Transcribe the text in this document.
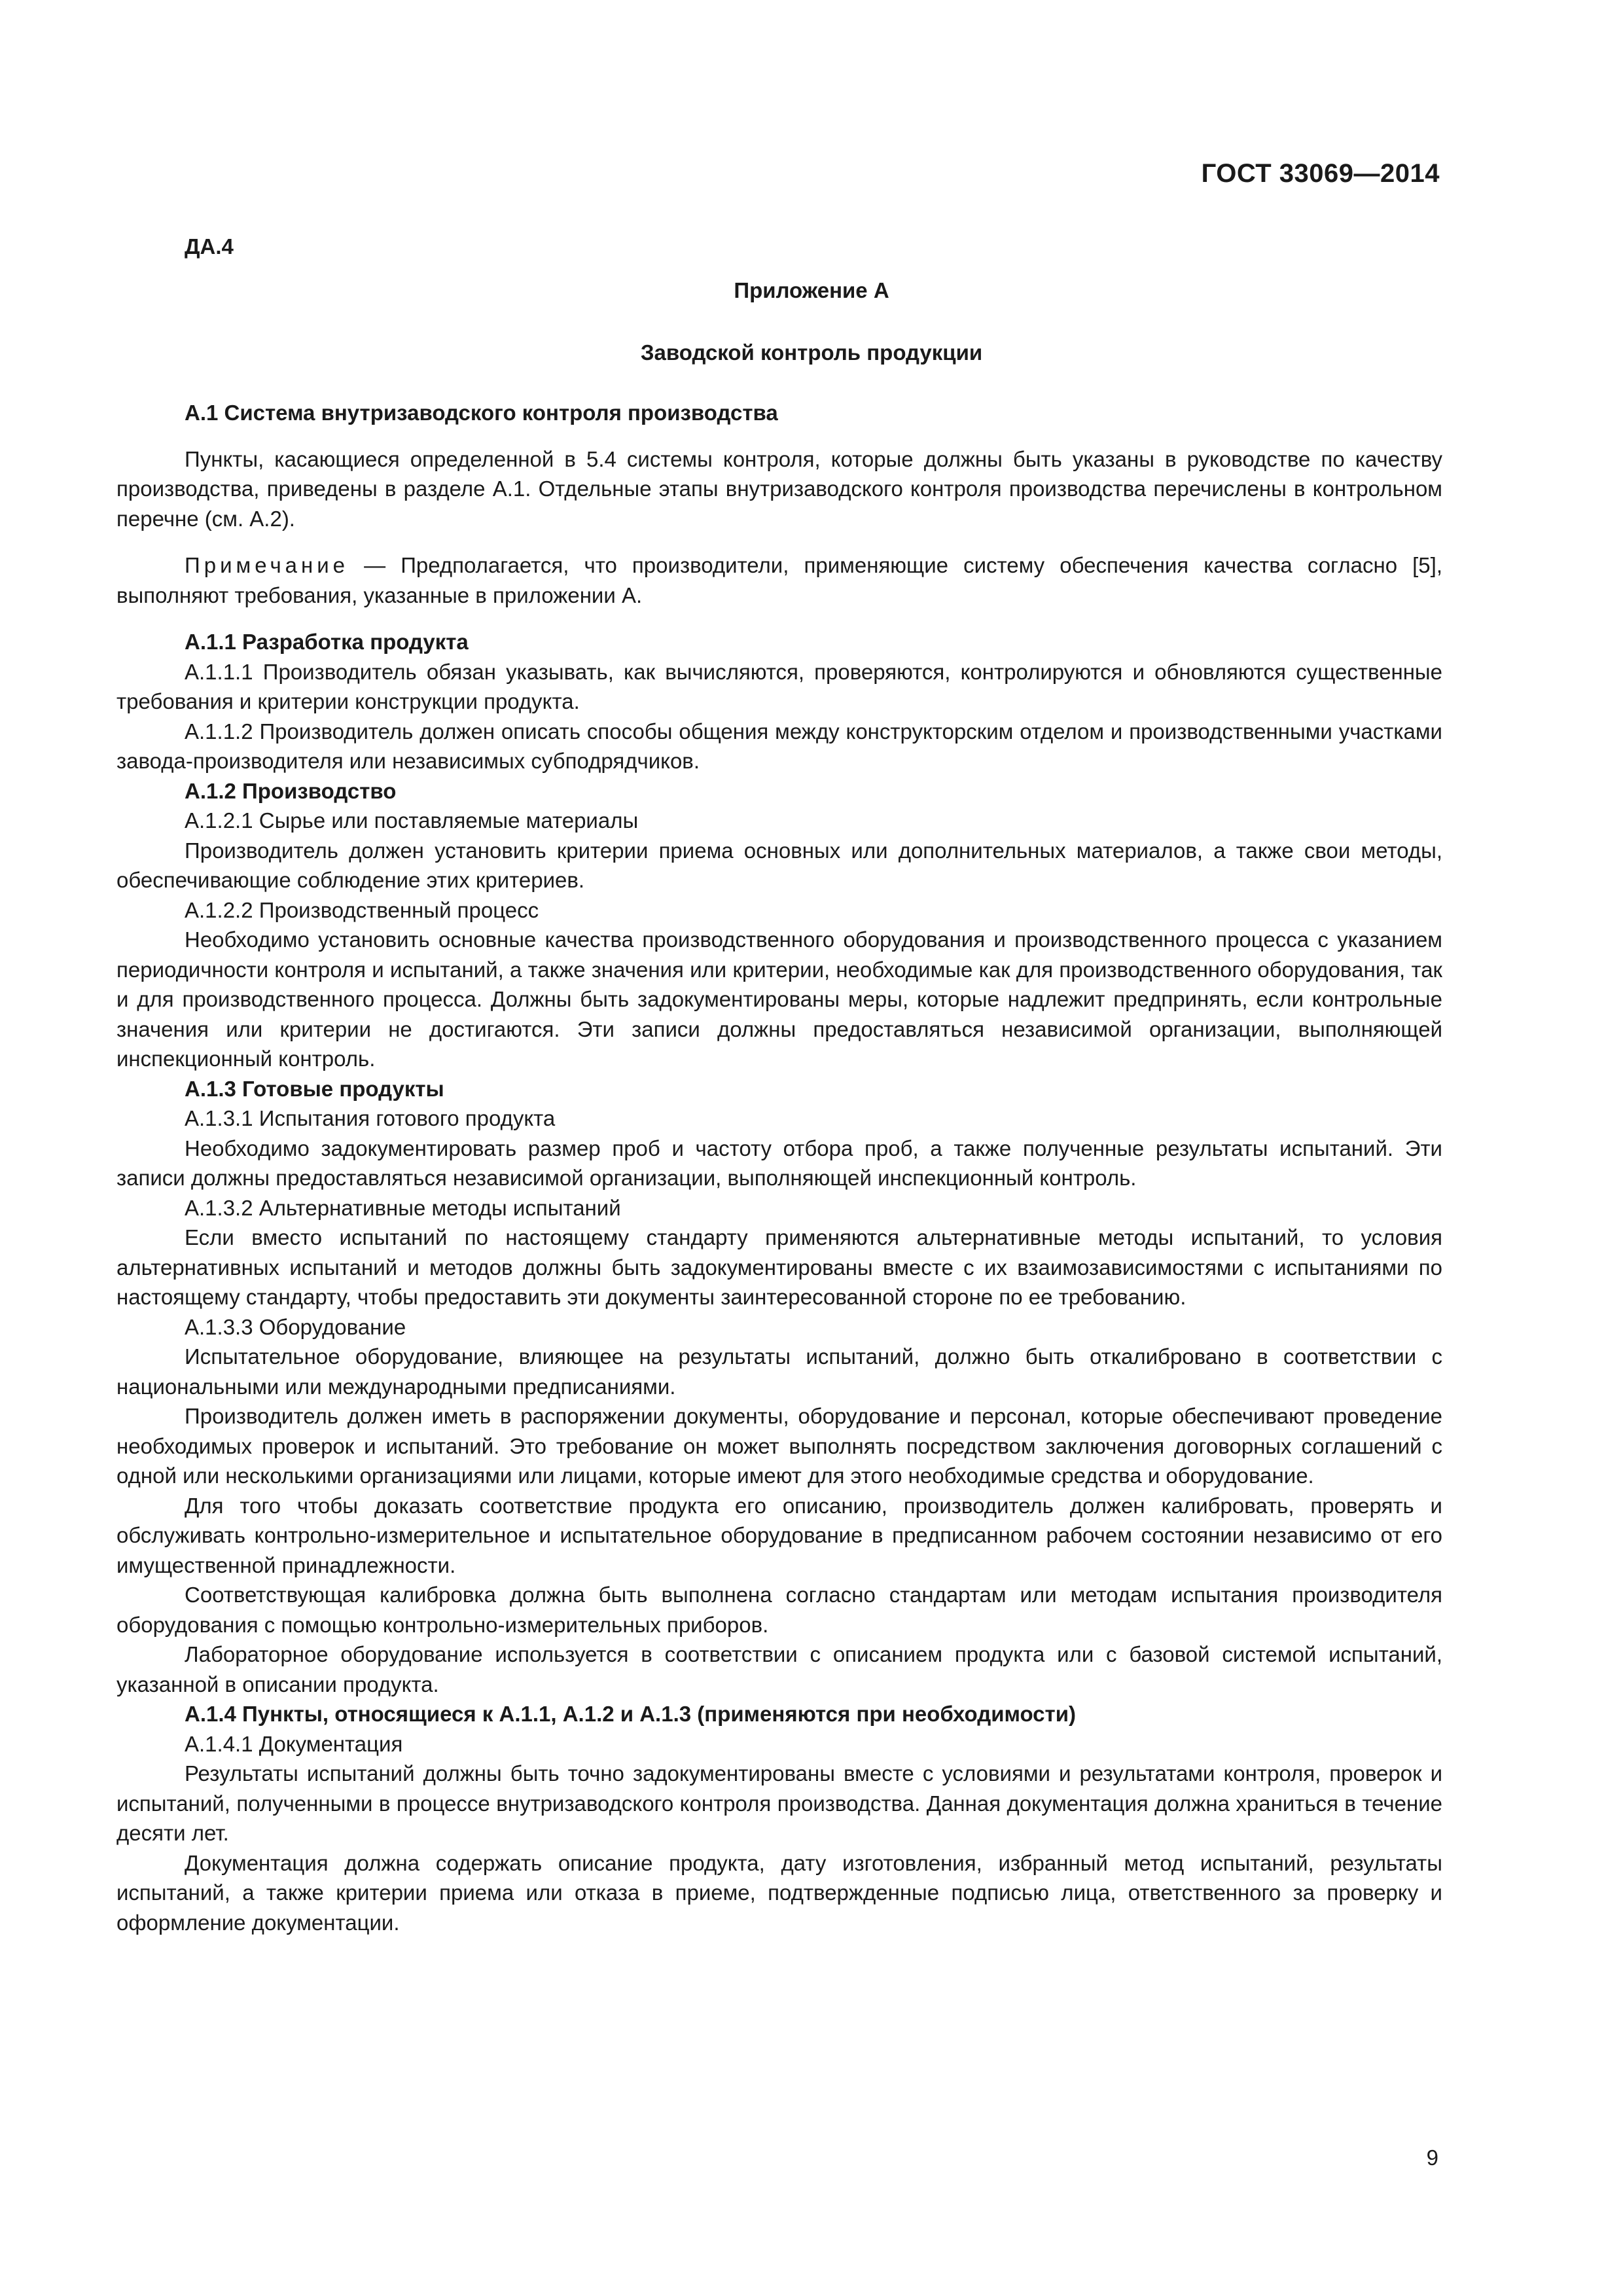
ГОСТ 33069—2014
ДА.4
Приложение А
Заводской контроль продукции

А.1 Система внутризаводского контроля производства

Пункты, касающиеся определенной в 5.4 системы контроля, которые должны быть указаны в руководстве по качеству производства, приведены в разделе А.1. Отдельные этапы внутризаводского контроля производства перечислены в контрольном перечне (см. А.2).

Примечание — Предполагается, что производители, применяющие систему обеспечения качества согласно [5], выполняют требования, указанные в приложении А.

А.1.1 Разработка продукта

А.1.1.1 Производитель обязан указывать, как вычисляются, проверяются, контролируются и обновляются существенные требования и критерии конструкции продукта.

А.1.1.2 Производитель должен описать способы общения между конструкторским отделом и производственными участками завода-производителя или независимых субподрядчиков.

А.1.2 Производство

А.1.2.1 Сырье или поставляемые материалы

Производитель должен установить критерии приема основных или дополнительных материалов, а также свои методы, обеспечивающие соблюдение этих критериев.

А.1.2.2 Производственный процесс

Необходимо установить основные качества производственного оборудования и производственного процесса с указанием периодичности контроля и испытаний, а также значения или критерии, необходимые как для производственного оборудования, так и для производственного процесса. Должны быть задокументированы меры, которые надлежит предпринять, если контрольные значения или критерии не достигаются. Эти записи должны предоставляться независимой организации, выполняющей инспекционный контроль.

А.1.3 Готовые продукты

А.1.3.1 Испытания готового продукта

Необходимо задокументировать размер проб и частоту отбора проб, а также полученные результаты испытаний. Эти записи должны предоставляться независимой организации, выполняющей инспекционный контроль.

А.1.3.2 Альтернативные методы испытаний

Если вместо испытаний по настоящему стандарту применяются альтернативные методы испытаний, то условия альтернативных испытаний и методов должны быть задокументированы вместе с их взаимозависимостями с испытаниями по настоящему стандарту, чтобы предоставить эти документы заинтересованной стороне по ее требованию.

А.1.3.3 Оборудование

Испытательное оборудование, влияющее на результаты испытаний, должно быть откалибровано в соответствии с национальными или международными предписаниями.

Производитель должен иметь в распоряжении документы, оборудование и персонал, которые обеспечивают проведение необходимых проверок и испытаний. Это требование он может выполнять посредством заключения договорных соглашений с одной или несколькими организациями или лицами, которые имеют для этого необходимые средства и оборудование.

Для того чтобы доказать соответствие продукта его описанию, производитель должен калибровать, проверять и обслуживать контрольно-измерительное и испытательное оборудование в предписанном рабочем состоянии независимо от его имущественной принадлежности.

Соответствующая калибровка должна быть выполнена согласно стандартам или методам испытания производителя оборудования с помощью контрольно-измерительных приборов.

Лабораторное оборудование используется в соответствии с описанием продукта или с базовой системой испытаний, указанной в описании продукта.

А.1.4 Пункты, относящиеся к А.1.1, А.1.2 и А.1.3 (применяются при необходимости)

А.1.4.1 Документация

Результаты испытаний должны быть точно задокументированы вместе с условиями и результатами контроля, проверок и испытаний, полученными в процессе внутризаводского контроля производства. Данная документация должна храниться в течение десяти лет.

Документация должна содержать описание продукта, дату изготовления, избранный метод испытаний, результаты испытаний, а также критерии приема или отказа в приеме, подтвержденные подписью лица, ответственного за проверку и оформление документации.

9
